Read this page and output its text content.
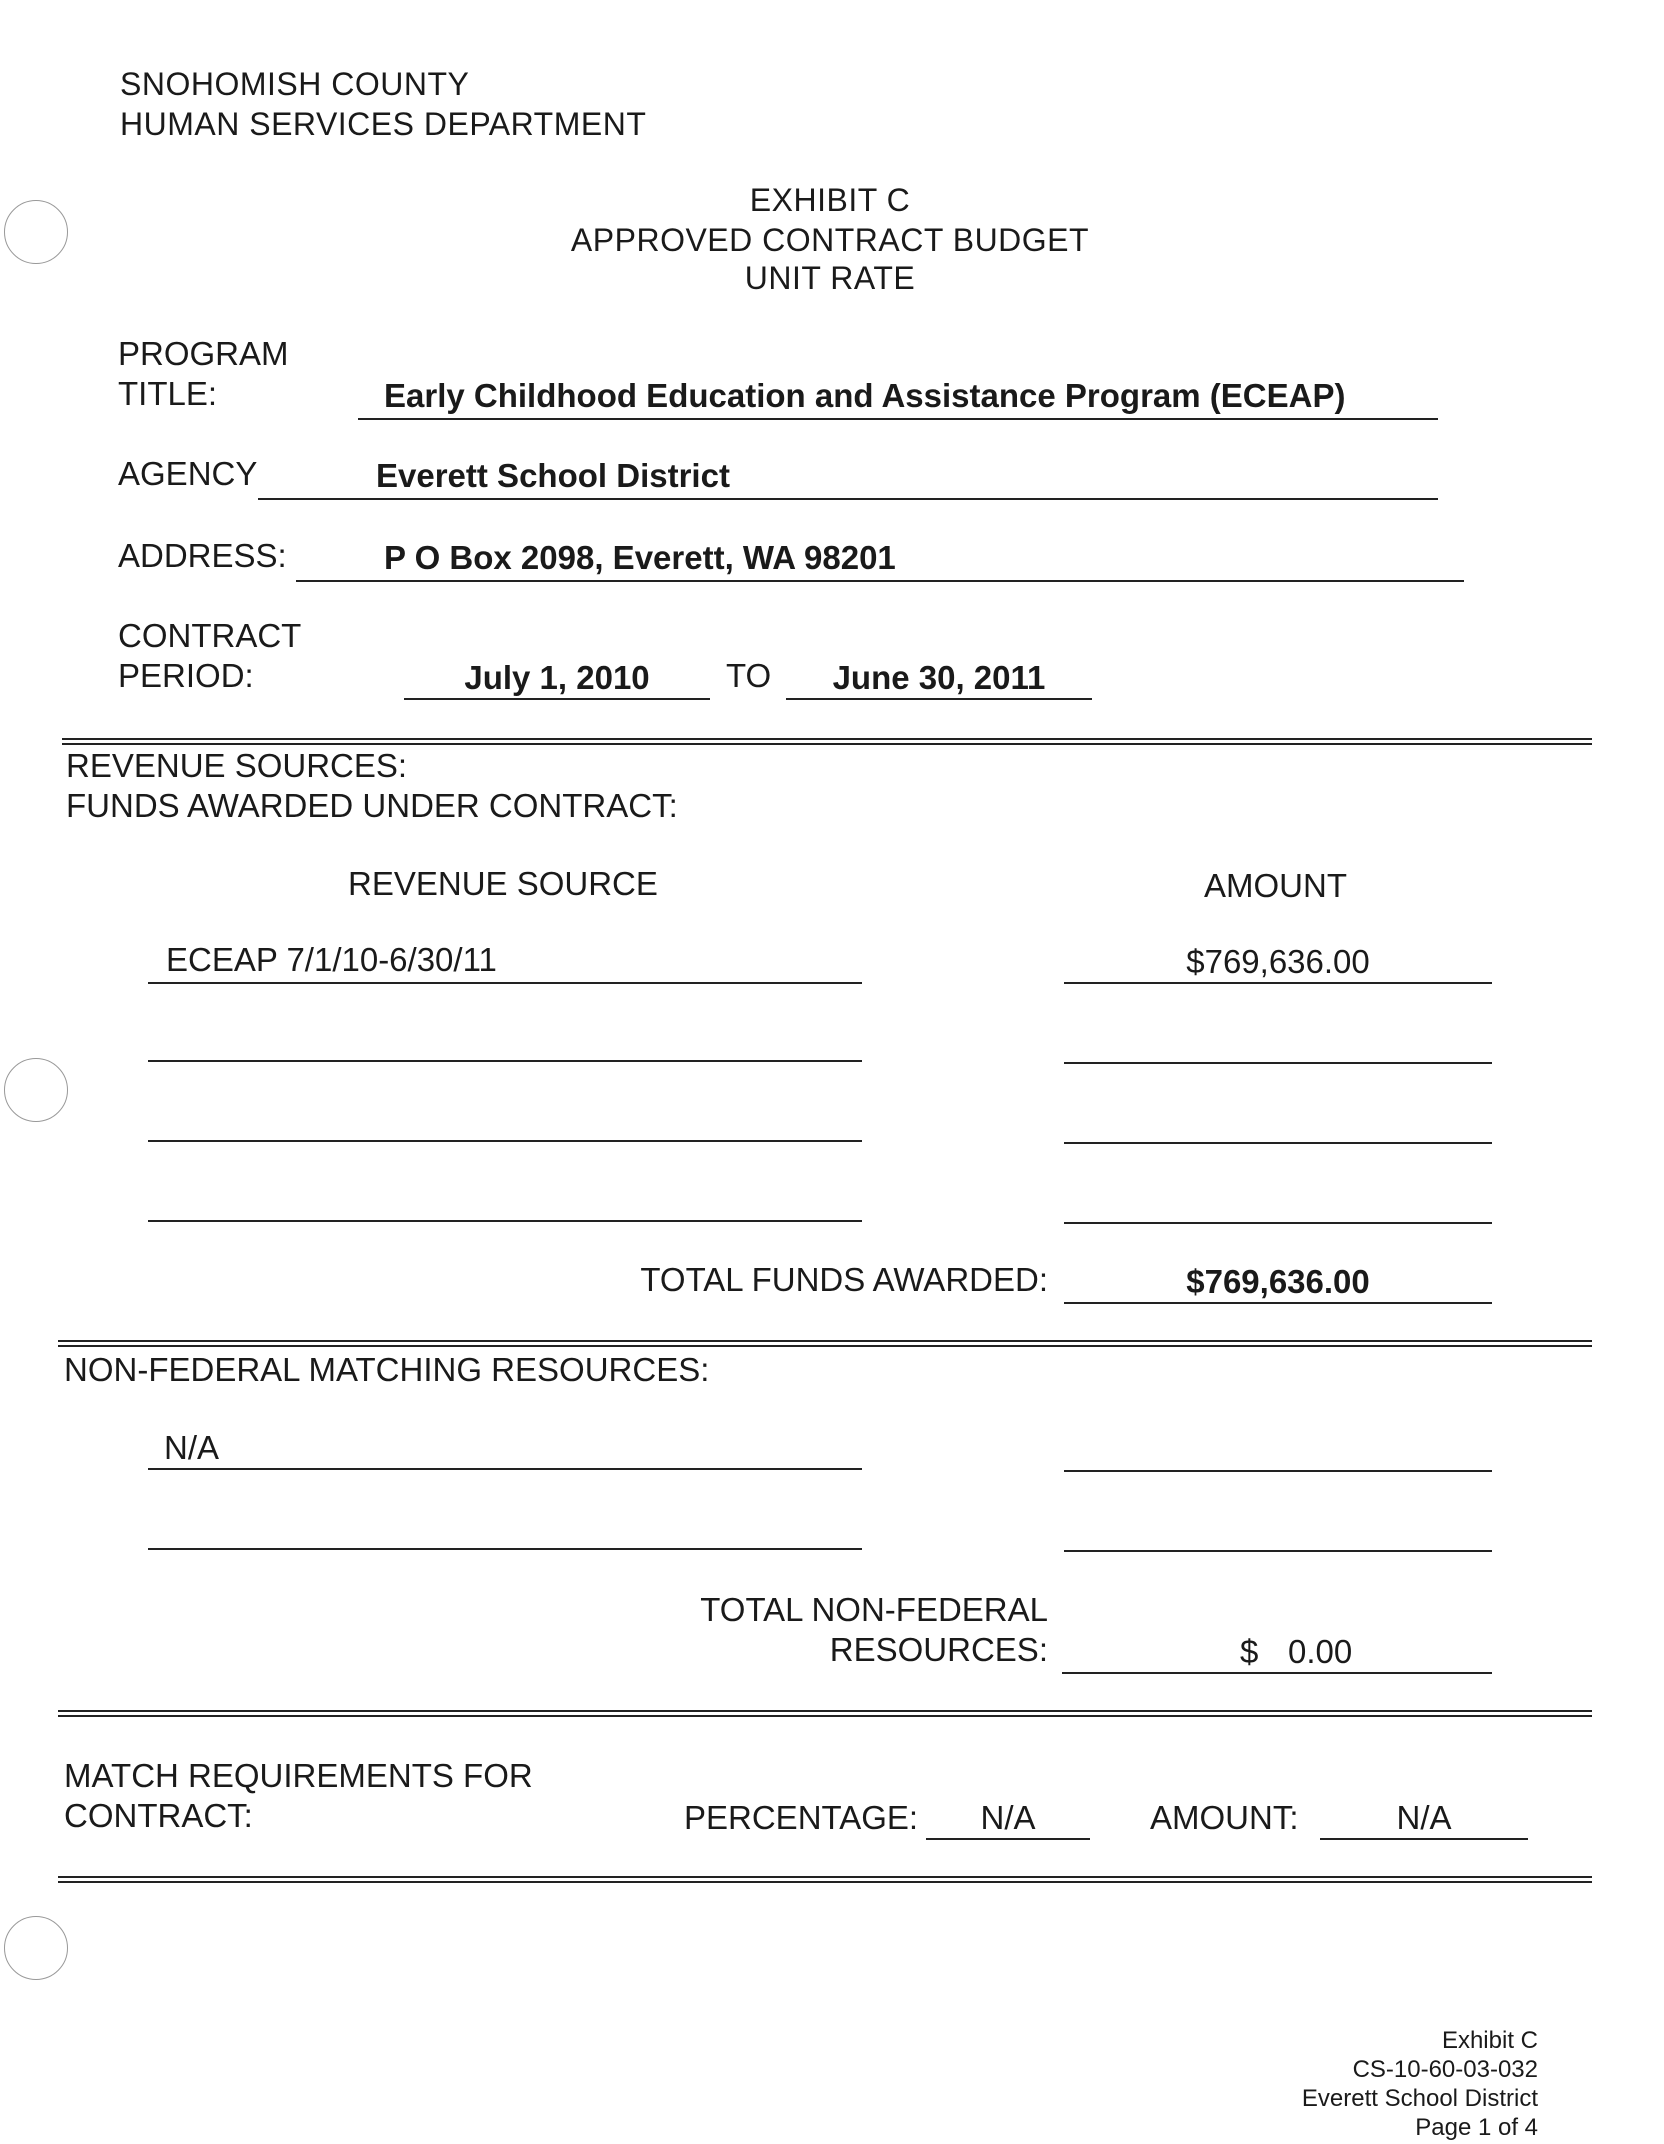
SNOHOMISH COUNTY
HUMAN SERVICES DEPARTMENT
EXHIBIT C
APPROVED CONTRACT BUDGET
UNIT RATE
PROGRAM
TITLE:	Early Childhood Education and Assistance Program (ECEAP)
AGENCY	Everett School District
ADDRESS:	P O Box 2098, Everett, WA 98201
CONTRACT
PERIOD:	July 1, 2010	TO	June 30, 2011
REVENUE SOURCES:
FUNDS AWARDED UNDER CONTRACT:
REVENUE SOURCE	AMOUNT
ECEAP 7/1/10-6/30/11	$769,636.00
TOTAL FUNDS AWARDED:	$769,636.00
NON-FEDERAL MATCHING RESOURCES:
N/A
TOTAL NON-FEDERAL
RESOURCES:	$ 0.00
MATCH REQUIREMENTS FOR
CONTRACT:	PERCENTAGE:	N/A	AMOUNT:	N/A
Exhibit C
CS-10-60-03-032
Everett School District
Page 1 of 4
